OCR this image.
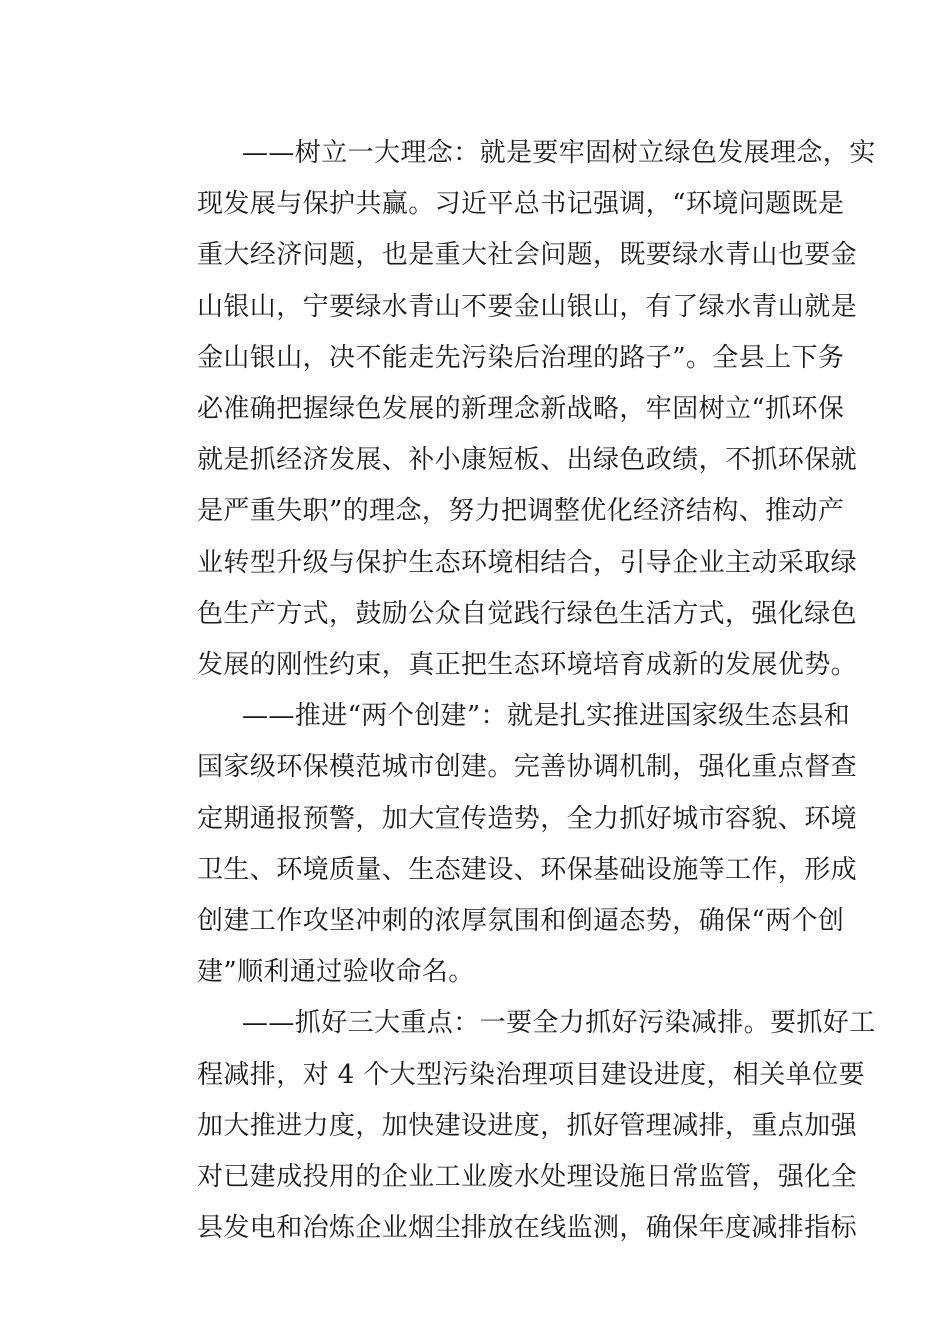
——树立一大理念：就是要牢固树立绿色发展理念，实
现发展与保护共赢。习近平总书记强调，“环境问题既是
重大经济问题，也是重大社会问题，既要绿水青山也要金
山银山，宁要绿水青山不要金山银山，有了绿水青山就是
金山银山，决不能走先污染后治理的路子”。全县上下务
必准确把握绿色发展的新理念新战略，牢固树立“抓环保
就是抓经济发展、补小康短板、出绿色政绩，不抓环保就
是严重失职”的理念，努力把调整优化经济结构、推动产
业转型升级与保护生态环境相结合，引导企业主动采取绿
色生产方式，鼓励公众自觉践行绿色生活方式，强化绿色
发展的刚性约束，真正把生态环境培育成新的发展优势。
——推进“两个创建”：就是扎实推进国家级生态县和
国家级环保模范城市创建。完善协调机制，强化重点督查
定期通报预警，加大宣传造势，全力抓好城市容貌、环境
卫生、环境质量、生态建设、环保基础设施等工作，形成
创建工作攻坚冲刺的浓厚氛围和倒逼态势，确保“两个创
建”顺利通过验收命名。
——抓好三大重点：一要全力抓好污染减排。要抓好工
程减排，对 4 个大型污染治理项目建设进度，相关单位要
加大推进力度，加快建设进度，抓好管理减排，重点加强
对已建成投用的企业工业废水处理设施日常监管，强化全
县发电和冶炼企业烟尘排放在线监测，确保年度减排指标
